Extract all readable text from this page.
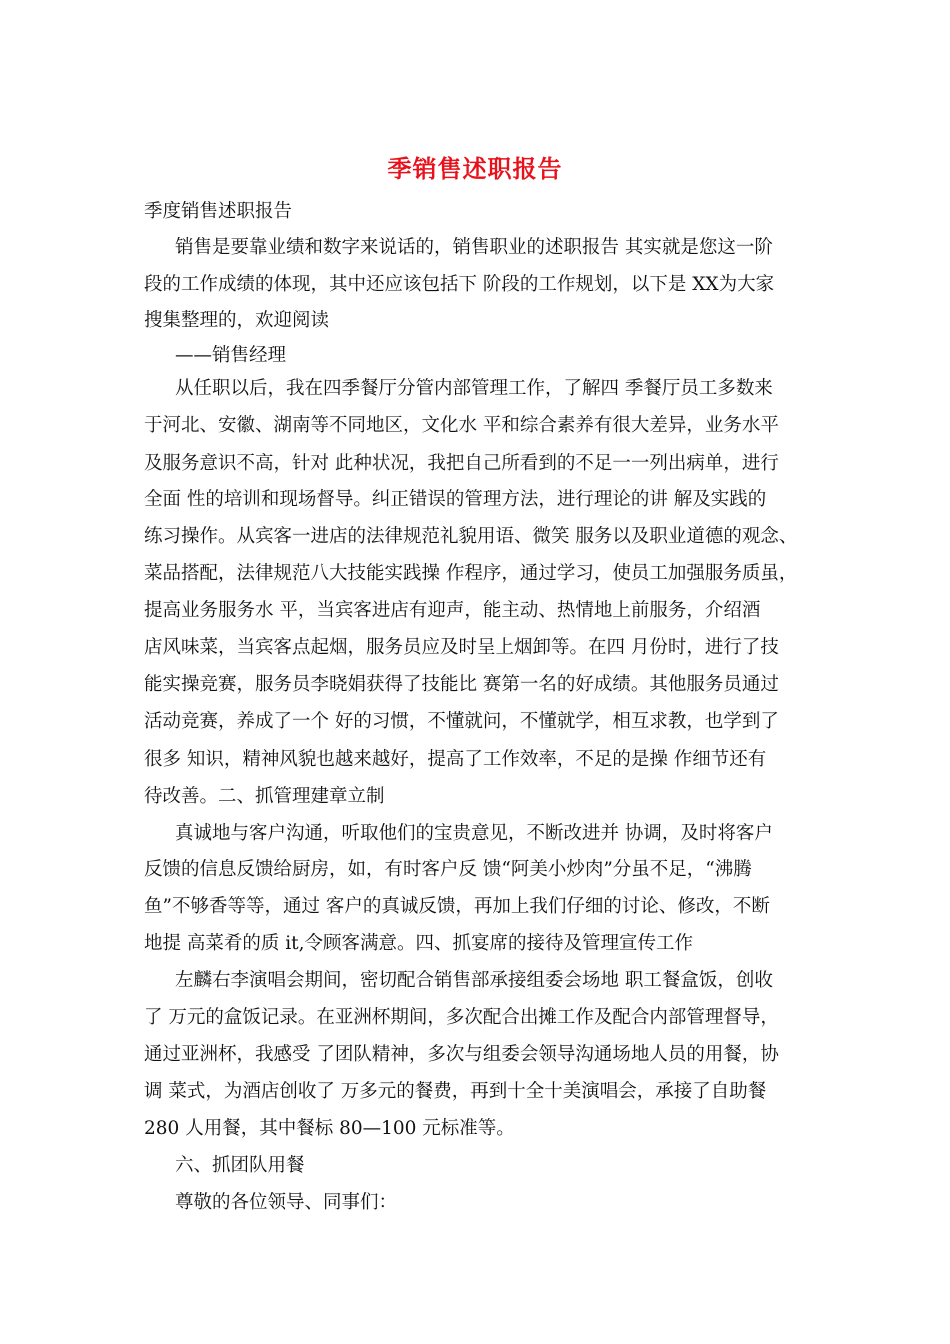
季销售述职报告
季度销售述职报告
销售是要靠业绩和数字来说话的，销售职业的述职报告 其实就是您这一阶
段的工作成绩的体现，其中还应该包括下 阶段的工作规划，以下是 XX为大家
搜集整理的，欢迎阅读
——销售经理
从任职以后，我在四季餐厅分管内部管理工作，了解四 季餐厅员工多数来
于河北、安徽、湖南等不同地区，文化水 平和综合素养有很大差异，业务水平
及服务意识不高，针对 此种状况，我把自己所看到的不足一一列出病单，进行
全面 性的培训和现场督导。纠正错误的管理方法，进行理论的讲 解及实践的
练习操作。从宾客一进店的法律规范礼貌用语、微笑 服务以及职业道德的观念、
菜品搭配，法律规范八大技能实践操 作程序，通过学习，使员工加强服务质虽，
提高业务服务水 平，当宾客进店有迎声，能主动、热情地上前服务，介绍酒
店风味菜，当宾客点起烟，服务员应及时呈上烟卸等。在四 月份时，进行了技
能实操竞赛，服务员李晓娟获得了技能比 赛第一名的好成绩。其他服务员通过
活动竞赛，养成了一个 好的习惯，不懂就问，不懂就学，相互求教，也学到了
很多 知识，精神风貌也越来越好，提高了工作效率，不足的是操 作细节还有
待改善。二、抓管理建章立制
真诚地与客户沟通，听取他们的宝贵意见，不断改进并 协调，及时将客户
反馈的信息反馈给厨房，如，有时客户反 馈“阿美小炒肉”分虽不足，“沸腾
鱼”不够香等等，通过 客户的真诚反馈，再加上我们仔细的讨论、修改，不断
地提 高菜肴的质 it,令顾客满意。四、抓宴席的接待及管理宣传工作
左麟右李演唱会期间，密切配合销售部承接组委会场地 职工餐盒饭，创收
了 万元的盒饭记录。在亚洲杯期间，多次配合出摊工作及配合内部管理督导，
通过亚洲杯，我感受 了团队精神，多次与组委会领导沟通场地人员的用餐，协
调 菜式，为酒店创收了 万多元的餐费，再到十全十美演唱会，承接了自助餐
280 人用餐，其中餐标 80—100 元标准等。
六、抓团队用餐
尊敬的各位领导、同事们：
